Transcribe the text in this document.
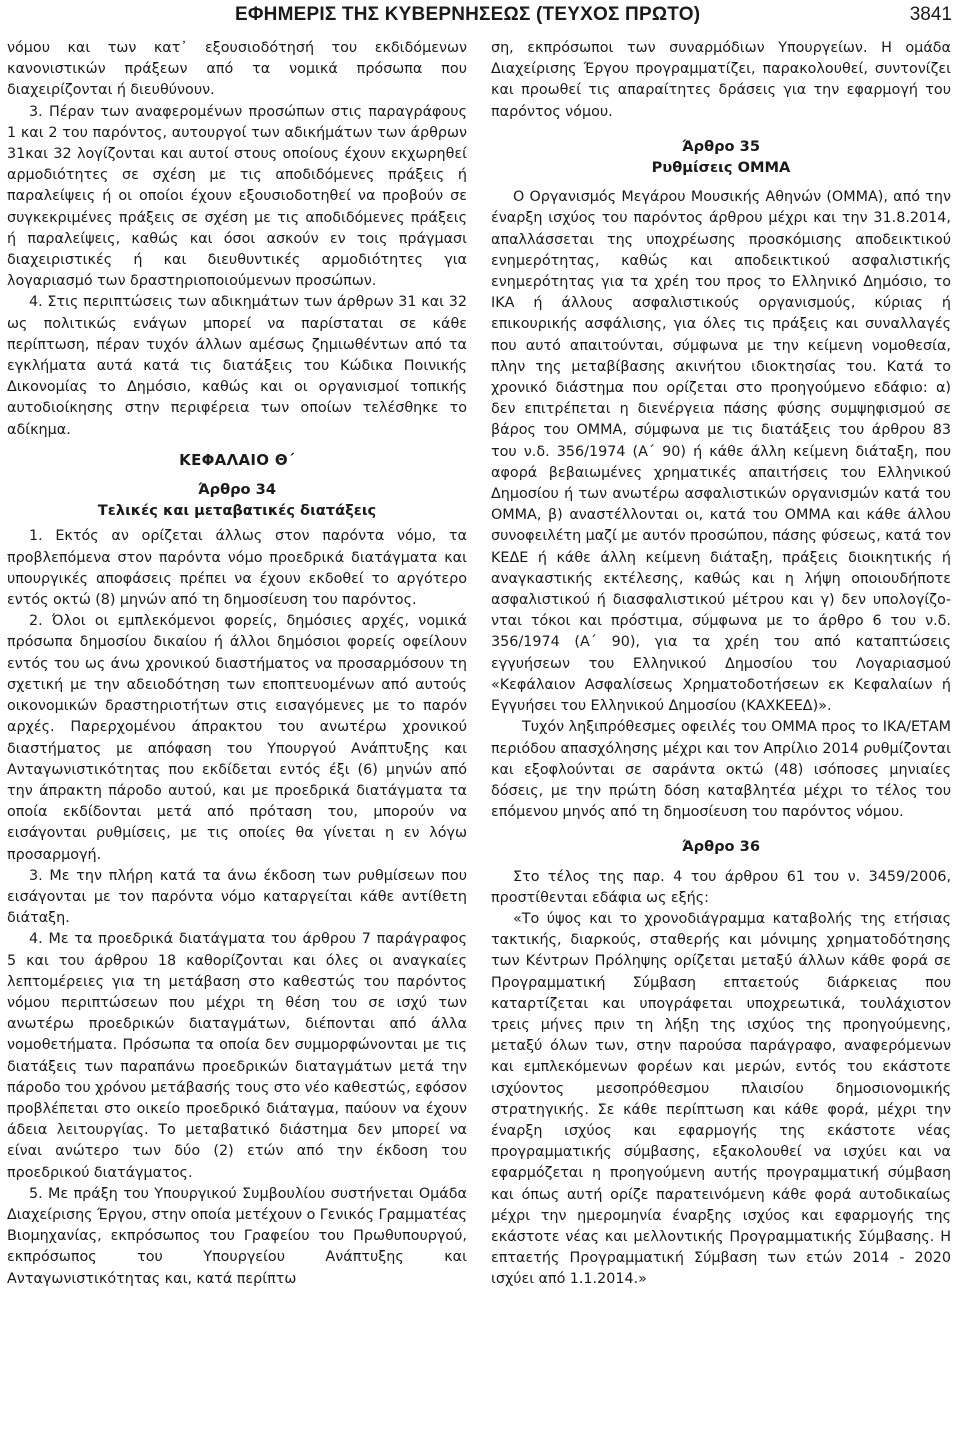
ΕΦΗΜΕΡΙΣ ΤΗΣ ΚΥΒΕΡΝΗΣΕΩΣ (ΤΕΥΧΟΣ ΠΡΩΤΟ)	3841

νόμου και των κατ᾽ εξουσιοδότησή του εκδιδόμενων κανονιστικών πράξεων από τα νομικά πρόσωπα που διαχειρίζονται ή διευθύνουν.

3. Πέραν των αναφερομένων προσώπων στις παραγράφους 1 και 2 του παρόντος, αυτουργοί των αδικήμάτων των άρθρων 31και 32 λογίζονται και αυτοί στους οποίους έχουν εκχωρηθεί αρμοδιότητες σε σχέση με τις αποδιδόμενες πράξεις ή παραλείψεις ή οι οποίοι έχουν εξουσιοδοτηθεί να προβούν σε συγκεκριμένες πράξεις σε σχέση με τις αποδιδόμενες πράξεις ή παραλείψεις, καθώς και όσοι ασκούν εν τοις πράγμασι διαχειριστικές ή και διευθυντικές αρμοδιότητες για λογαριασμό των δραστηριοποιούμενων προσώπων.

4. Στις περιπτώσεις των αδικημάτων των άρθρων 31 και 32 ως πολιτικώς ενάγων μπορεί να παρίσταται σε κάθε περίπτωση, πέραν τυχόν άλλων αμέσως ζημιωθέντων από τα εγκλήματα αυτά κατά τις διατάξεις του Κώδικα Ποινικής Δικονομίας το Δημόσιο, καθώς και οι οργανισμοί τοπικής αυτοδιοίκησης στην περιφέρεια των οποίων τελέσθηκε το αδίκημα.

ΚΕΦΑΛΑΙΟ Θ΄
Άρθρο 34
Τελικές και μεταβατικές διατάξεις

1. Εκτός αν ορίζεται άλλως στον παρόντα νόμο, τα προβλεπόμενα στον παρόντα νόμο προεδρικά διατάγματα και υπουργικές αποφάσεις πρέπει να έχουν εκδοθεί το αργότερο εντός οκτώ (8) μηνών από τη δημοσίευση του παρόντος.

2. Όλοι οι εμπλεκόμενοι φορείς, δημόσιες αρχές, νομικά πρόσωπα δημοσίου δικαίου ή άλλοι δημόσιοι φορείς οφείλουν εντός του ως άνω χρονικού διαστήματος να προσαρμόσουν τη σχετική με την αδειοδότηση των εποπτευομένων από αυτούς οικονομικών δραστηριοτήτων στις εισαγόμενες με το παρόν αρχές. Παρερχομένου άπρακτου του ανωτέρω χρονικού διαστήματος με απόφαση του Υπουργού Ανάπτυξης και Ανταγωνιστικότητας που εκδίδεται εντός έξι (6) μηνών από την άπρακτη πάροδο αυτού, και με προεδρικά διατάγματα τα οποία εκδίδονται μετά από πρόταση του, μπορούν να εισάγονται ρυθμίσεις, με τις οποίες θα γίνεται η εν λόγω προσαρμογή.

3. Με την πλήρη κατά τα άνω έκδοση των ρυθμίσεων που εισάγονται με τον παρόντα νόμο καταργείται κάθε αντίθετη διάταξη.

4. Με τα προεδρικά διατάγματα του άρθρου 7 παράγραφος 5 και του άρθρου 18 καθορίζονται και όλες οι αναγκαίες λεπτομέρειες για τη μετάβαση στο καθεστώς του παρόντος νόμου περιπτώσεων που μέχρι τη θέση του σε ισχύ των ανωτέρω προεδρικών διαταγμάτων, διέπονται από άλλα νομοθετήματα. Πρόσωπα τα οποία δεν συμμορφώνονται με τις διατάξεις των παραπάνω προεδρικών διαταγμάτων μετά την πάροδο του χρόνου μετάβασής τους στο νέο καθεστώς, εφόσον προβλέπεται στο οικείο προεδρικό διάταγμα, παύουν να έχουν άδεια λειτουργίας. Το μεταβατικό διάστημα δεν μπορεί να είναι ανώτερο των δύο (2) ετών από την έκδοση του προεδρικού διατάγματος.

5. Με πράξη του Υπουργικού Συμβουλίου συστήνεται Ομάδα Διαχείρισης Έργου, στην οποία μετέχουν ο Γενικός Γραμματέας Βιομηχανίας, εκπρόσωπος του Γραφείου του Πρωθυπουργού, εκπρόσωπος του Υπουργείου Ανάπτυξης και Ανταγωνιστικότητας και, κατά περίπτω

ση, εκπρόσωποι των συναρμόδιων Υπουργείων. Η ομάδα Διαχείρισης Έργου προγραμματίζει, παρακολουθεί, συντονίζει και προωθεί τις απαραίτητες δράσεις για την εφαρμογή του παρόντος νόμου.

Άρθρο 35
Ρυθμίσεις ΟΜΜΑ

Ο Οργανισμός Μεγάρου Μουσικής Αθηνών (ΟΜΜΑ), από την έναρξη ισχύος του παρόντος άρθρου μέχρι και την 31.8.2014, απαλλάσσεται της υποχρέωσης προσκόμισης αποδεικτικού ενημερότητας, καθώς και αποδεικτικού ασφαλιστικής ενημερότητας για τα χρέη του προς το Ελληνικό Δημόσιο, το ΙΚΑ ή άλλους ασφαλιστικούς οργανισμούς, κύριας ή επικουρικής ασφάλισης, για όλες τις πράξεις και συναλλαγές που αυτό απαιτούνται, σύμφωνα με την κείμενη νομοθεσία, πλην της μεταβίβασης ακινήτου ιδιοκτησίας του. Κατά το χρονικό διάστημα που ορίζεται στο προηγούμενο εδάφιο: α) δεν επιτρέπεται η διενέργεια πάσης φύσης συμψηφισμού σε βάρος του ΟΜΜΑ, σύμφωνα με τις διατάξεις του άρθρου 83 του ν.δ. 356/1974 (Α΄ 90) ή κάθε άλλη κείμενη διάταξη, που αφορά βεβαιωμένες χρηματικές απαιτήσεις του Ελληνικού Δημοσίου ή των ανωτέρω ασφαλιστικών οργανισμών κατά του ΟΜΜΑ, β) αναστέλλονται οι, κατά του ΟΜΜΑ και κάθε άλλου συνοφειλέτη μαζί με αυτόν προσώπου, πάσης φύσεως, κατά τον ΚΕΔΕ ή κάθε άλλη κείμενη διάταξη, πράξεις διοικητικής ή αναγκαστικής εκτέλεσης, καθώς και η λήψη οποιουδήποτε ασφαλιστικού ή διασφαλιστικού μέτρου και γ) δεν υπολογίζονται τόκοι και πρόστιμα, σύμφωνα με το άρθρο 6 του ν.δ. 356/1974 (Α΄ 90), για τα χρέη του από καταπτώσεις εγγυήσεων του Ελληνικού Δημοσίου του Λογαριασμού «Κεφάλαιον Ασφαλίσεως Χρηματοδοτήσεων εκ Κεφαλαίων ή Εγγυήσει του Ελληνικού Δημοσίου (ΚΑΧΚΕΕΔ)».

Τυχόν ληξιπρόθεσμες οφειλές του ΟΜΜΑ προς το ΙΚΑ/ΕΤΑΜ περιόδου απασχόλησης μέχρι και τον Απρίλιο 2014 ρυθμίζονται και εξοφλούνται σε σαράντα οκτώ (48) ισόποσες μηνιαίες δόσεις, με την πρώτη δόση καταβλητέα μέχρι το τέλος του επόμενου μηνός από τη δημοσίευση του παρόντος νόμου.

Άρθρο 36

Στο τέλος της παρ. 4 του άρθρου 61 του ν. 3459/2006, προστίθενται εδάφια ως εξής:

«Το ύψος και το χρονοδιάγραμμα καταβολής της ετήσιας τακτικής, διαρκούς, σταθερής και μόνιμης χρηματοδότησης των Κέντρων Πρόληψης ορίζεται μεταξύ άλλων κάθε φορά σε Προγραμματική Σύμβαση επταετούς διάρκειας που καταρτίζεται και υπογράφεται υποχρεωτικά, τουλάχιστον τρεις μήνες πριν τη λήξη της ισχύος της προηγούμενης, μεταξύ όλων των, στην παρούσα παράγραφο, αναφερόμενων και εμπλεκόμενων φορέων και μερών, εντός του εκάστοτε ισχύοντος μεσοπρόθεσμου πλαισίου δημοσιονομικής στρατηγικής. Σε κάθε περίπτωση και κάθε φορά, μέχρι την έναρξη ισχύος και εφαρμογής της εκάστοτε νέας προγραμματικής σύμβασης, εξακολουθεί να ισχύει και να εφαρμόζεται η προηγούμενη αυτής προγραμματική σύμβαση και όπως αυτή ορίζε παρατεινόμενη κάθε φορά αυτοδικαίως μέχρι την ημερομηνία έναρξης ισχύος και εφαρμογής της εκάστοτε νέας και μελλοντικής Προγραμματικής Σύμβασης. Η επταετής Προγραμματική Σύμβαση των ετών 2014 - 2020 ισχύει από 1.1.2014.»
